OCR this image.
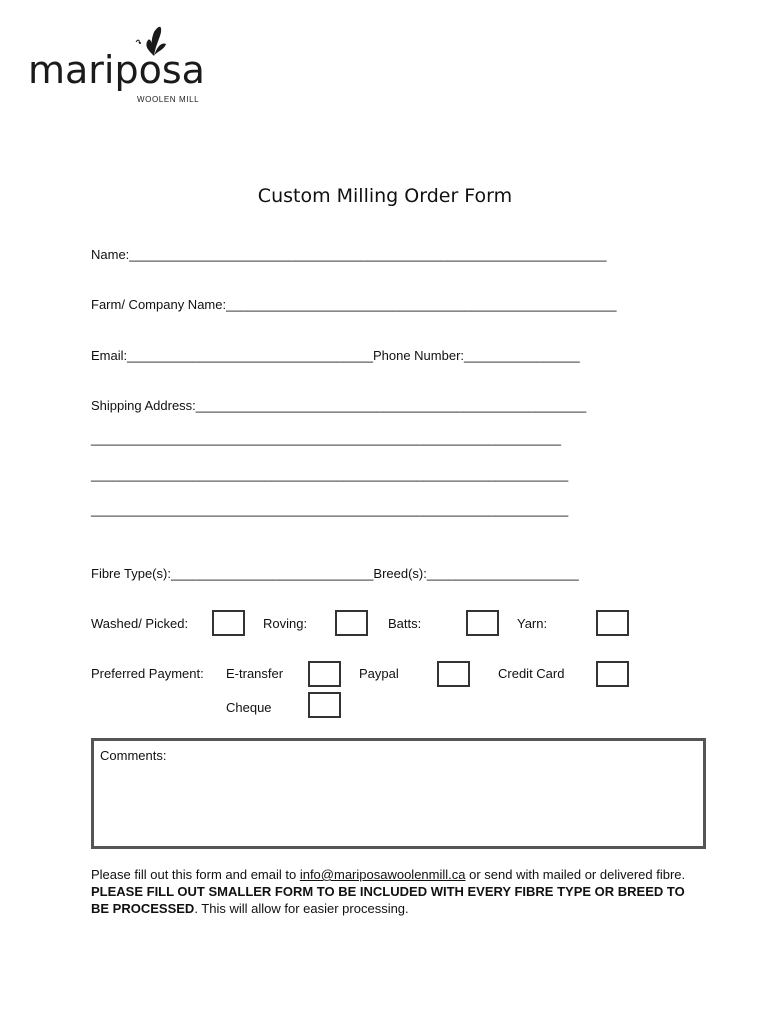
mariposa
WOOLEN MILL
Custom Milling Order Form
Name:__________________________________________________________________
Farm/ Company Name:______________________________________________________
Email:__________________________________Phone Number:________________
Shipping Address:______________________________________________________
_________________________________________________________________
__________________________________________________________________
__________________________________________________________________
Fibre Type(s):____________________________Breed(s):_____________________
Washed/ Picked:	Roving:	Batts:	Yarn:
Preferred Payment: E-transfer	Paypal	Credit Card
Cheque
Comments:
Please fill out this form and email to info@mariposawoolenmill.ca or send with mailed or delivered fibre. PLEASE FILL OUT SMALLER FORM TO BE INCLUDED WITH EVERY FIBRE TYPE OR BREED TO BE PROCESSED. This will allow for easier processing.
